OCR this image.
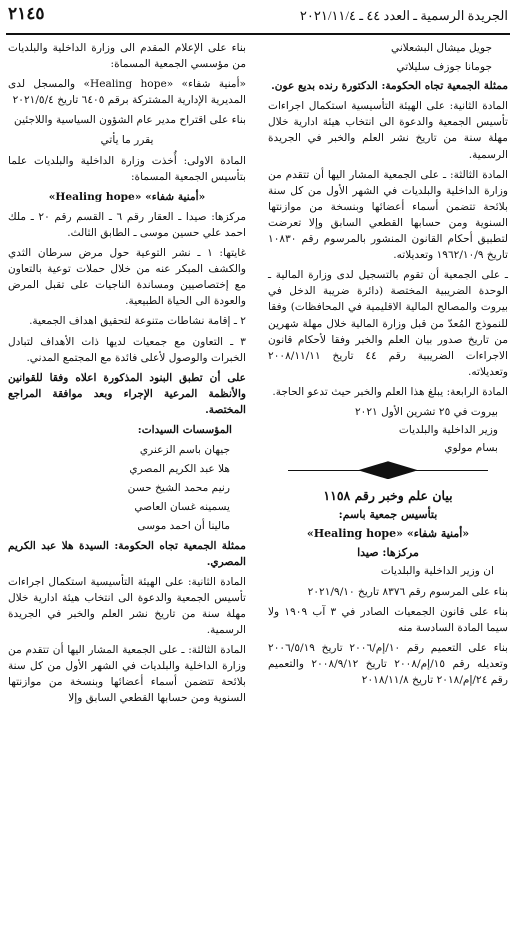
الجريدة الرسمية ـ العدد ٤٤ ـ ٢٠٢١/١١/٤
٢١٤٥
جويل ميشال البشعلاني
جومانا جوزف سليلاتي

ممثلة الجمعية تجاه الحكومة: الدكتورة رنده بديع عون.

المادة الثانية: على الهيئة التأسيسية استكمال اجراءات تأسيس الجمعية والدعوة الى انتخاب هيئة ادارية خلال مهلة سنة من تاريخ نشر العلم والخبر في الجريدة الرسمية.

المادة الثالثة: ـ على الجمعية المشار اليها أن تتقدم من وزارة الداخلية والبلديات في الشهر الأول من كل سنة بلائحة تتضمن أسماء أعضائها وبنسخة من موازنتها السنوية ومن حسابها القطعي السابق وإلا تعرضت لتطبيق أحكام القانون المنشور بالمرسوم رقم ١٠٨٣٠ تاريخ ١٩٦٢/١٠/٩ وتعديلاته.

ـ على الجمعية أن تقوم بالتسجيل لدى وزارة المالية ـ الوحدة الضريبية المختصة (دائرة ضريبة الدخل في بيروت والمصالح المالية الاقليمية في المحافظات) وفقا للنموذج المُعدّ من قبل وزارة المالية خلال مهلة شهرين من تاريخ صدور بيان العلم والخبر وفقا لأحكام قانون الاجراءات الضريبية رقم ٤٤ تاريخ ٢٠٠٨/١١/١١ وتعديلاته.

المادة الرابعة: يبلغ هذا العلم والخبر حيث تدعو الحاجة.

بيروت في ٢٥ تشرين الأول ٢٠٢١
وزير الداخلية والبلديات
بسام مولوي
بيان علم وخبر رقم ١١٥٨
بتأسيس جمعية باسم:
«أمنية شفاء» «Healing hope»
مركزها: صيدا

ان وزير الداخلية والبلديات

بناء على المرسوم رقم ٨٣٧٦ تاريخ ٢٠٢١/٩/١٠

بناء على قانون الجمعيات الصادر في ٣ آب ١٩٠٩ ولا سيما المادة السادسة منه

بناء على التعميم رقم ١٠/إم/٢٠٠٦ تاريخ ٢٠٠٦/٥/١٩ وتعديله رقم ١٥/إم/٢٠٠٨ تاريخ ٢٠٠٨/٩/١٢ والتعميم رقم ٢٤/إم/٢٠١٨ تاريخ ٢٠١٨/١١/٨

بناء على الإعلام المقدم الى وزارة الداخلية والبلديات من مؤسسي الجمعية المسماة:

«أمنية شفاء» «Healing hope» والمسجل لدى المديرية الإدارية المشتركة برقم ٦٤٠٥ تاريخ ٢٠٢١/٥/٤

بناء على اقتراح مدير عام الشؤون السياسية واللاجئين

يقرر ما يأتي

المادة الاولى: أُخذت وزارة الداخلية والبلديات علما بتأسيس الجمعية المسماة:

«أمنية شفاء» «Healing hope»

مركزها: صيدا ـ العقار رقم ٦ ـ القسم رقم ٢٠ ـ ملك احمد علي حسين موسى ـ الطابق الثالث.

غايتها: ١ ـ نشر التوعية حول مرض سرطان الثدي والكشف المبكر عنه من خلال حملات توعية بالتعاون مع إختصاصيين ومساندة الناجيات على تقبل المرض والعودة الى الحياة الطبيعية.

٢ ـ إقامة نشاطات متنوعة لتحقيق اهداف الجمعية.

٣ ـ التعاون مع جمعيات لديها ذات الأهداف لتبادل الخبرات والوصول لأعلى فائدة مع المجتمع المدني.

على أن تطبق البنود المذكورة اعلاه وفقا للقوانين والأنظمة المرعية الإجراء وبعد موافقة المراجع المختصة.

المؤسسات السيدات:

جيهان باسم الزعنري
هلا عبد الكريم المصري
رنيم محمد الشيخ حسن
يسمينه غسان العاصي
مالينا أن احمد موسى

ممثلة الجمعية تجاه الحكومة: السيدة هلا عبد الكريم المصري.

المادة الثانية: على الهيئة التأسيسية استكمال اجراءات تأسيس الجمعية والدعوة الى انتخاب هيئة ادارية خلال مهلة سنة من تاريخ نشر العلم والخبر في الجريدة الرسمية.

المادة الثالثة: ـ على الجمعية المشار اليها أن تتقدم من وزارة الداخلية والبلديات في الشهر الأول من كل سنة بلائحة تتضمن أسماء أعضائها وبنسخة من موازنتها السنوية ومن حسابها القطعي السابق وإلا
